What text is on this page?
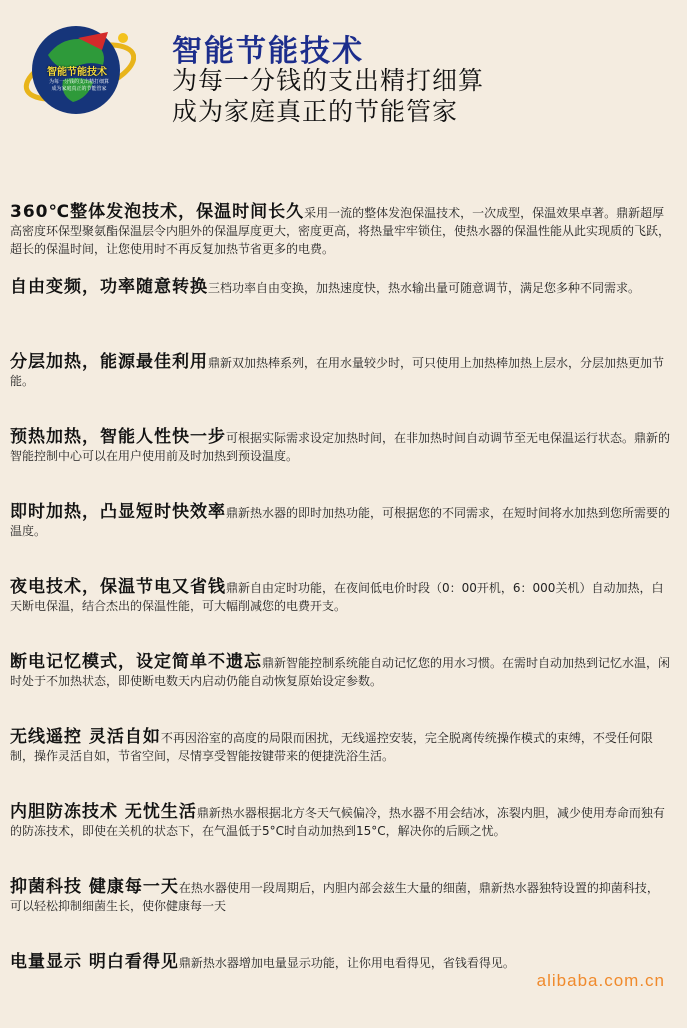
智能节能技术
为每一分钱的支出精打细算
成为家庭真正的节能管家
智能节能技术
为每一分钱的支出精打细算
成为家庭真正的节能管家
360℃整体发泡技术，保温时间长久采用一流的整体发泡保温技术，一次成型，保温效果卓著。鼎新超厚高密度环保型聚氨酯保温层令内胆外的保温厚度更大，密度更高，将热量牢牢锁住，使热水器的保温性能从此实现质的飞跃，超长的保温时间，让您使用时不再反复加热节省更多的电费。
自由变频，功率随意转换三档功率自由变换，加热速度快，热水输出量可随意调节，满足您多种不同需求。
分层加热，能源最佳利用鼎新双加热棒系列，在用水量较少时，可只使用上加热棒加热上层水，分层加热更加节能。
预热加热，智能人性快一步可根据实际需求设定加热时间，在非加热时间自动调节至无电保温运行状态。鼎新的智能控制中心可以在用户使用前及时加热到预设温度。
即时加热，凸显短时快效率鼎新热水器的即时加热功能，可根据您的不同需求，在短时间将水加热到您所需要的温度。
夜电技术，保温节电又省钱鼎新自由定时功能，在夜间低电价时段（0：00开机，6：000关机）自动加热，白天断电保温，结合杰出的保温性能，可大幅削减您的电费开支。
断电记忆模式，设定简单不遗忘鼎新智能控制系统能自动记忆您的用水习惯。在需时自动加热到记忆水温，闲时处于不加热状态，即使断电数天内启动仍能自动恢复原始设定参数。
无线遥控 灵活自如不再因浴室的高度的局限而困扰，无线遥控安装，完全脱离传统操作模式的束缚，不受任何限制，操作灵活自如，节省空间，尽情享受智能按键带来的便捷洗浴生活。
内胆防冻技术 无忧生活鼎新热水器根据北方冬天气候偏冷，热水器不用会结冰，冻裂内胆，减少使用寿命而独有的防冻技术，即使在关机的状态下，在气温低于5°C时自动加热到15°C，解决你的后顾之忧。
抑菌科技 健康每一天在热水器使用一段周期后，内胆内部会兹生大量的细菌，鼎新热水器独特设置的抑菌科技，可以轻松抑制细菌生长，使你健康每一天
电量显示 明白看得见鼎新热水器增加电量显示功能，让你用电看得见，省钱看得见。
alibaba.com.cn
